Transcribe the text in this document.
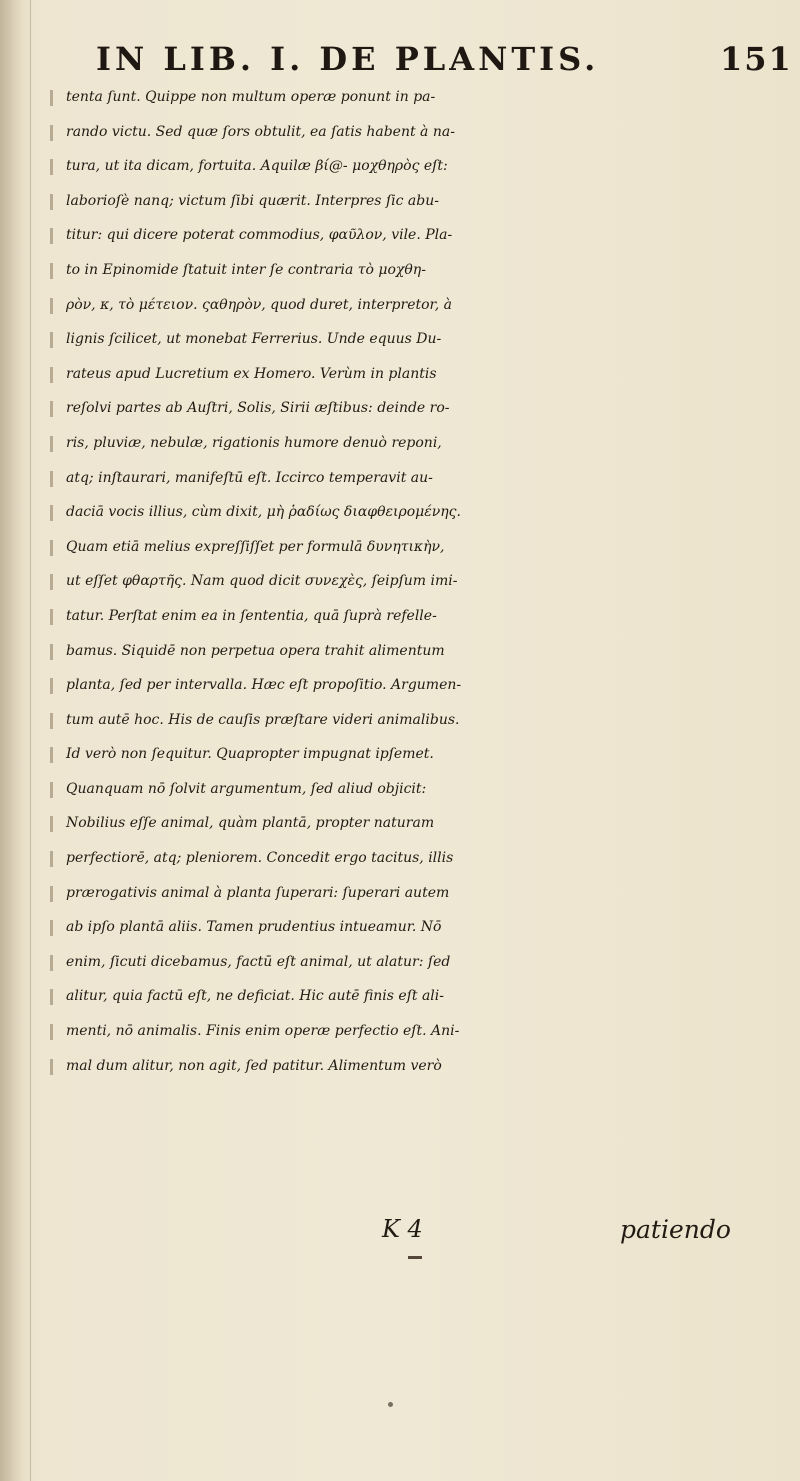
IN LIB. I. DE PLANTIS.	151
tenta ſunt. Quippe non multum operæ ponunt in pa-
rando victu. Sed quæ ſors obtulit, ea ſatis habent à na-
tura, ut ita dicam, fortuita. Aquilæ βί@- μοχθηρὸς eſt:
laborioſè nanq; victum ſibi quærit. Interpres ſic abu-
titur: qui dicere poterat commodius, φαῦλον, vile. Pla-
to in Epinomide ſtatuit inter ſe contraria τὸ μοχθη-
ρὸν, κ, τὸ μέτειον. ςαθηρὸν, quod duret, interpretor, à
lignis ſcilicet, ut monebat Ferrerius. Unde equus Du-
rateus apud Lucretium ex Homero. Verùm in plantis
reſolvi partes ab Auſtri, Solis, Sirii æſtibus: deinde ro-
ris, pluviæ, nebulæ, rigationis humore denuò reponi,
atq; inſtaurari, manifeſtū eſt. Iccirco temperavit au-
daciā vocis illius, cùm dixit, μὴ ῥαδίως διαφθειρομένης.
Quam etiā melius expreſſiſſet per formulā δυνητικὴν,
ut eſſet φθαρτῆς. Nam quod dicit συνεχὲς, ſeipſum imi-
tatur. Perſtat enim ea in ſententia, quā ſuprà refelle-
bamus. Siquidē non perpetua opera trahit alimentum
planta, ſed per intervalla. Hæc eſt propoſitio. Argumen-
tum autē hoc. His de cauſis præſtare videri animalibus.
Id verò non ſequitur. Quapropter impugnat ipſemet.
Quanquam nō ſolvit argumentum, ſed aliud objicit:
Nobilius eſſe animal, quàm plantā, propter naturam
perfectiorē, atq; pleniorem. Concedit ergo tacitus, illis
prærogativis animal à planta ſuperari: ſuperari autem
ab ipſo plantā aliis. Tamen prudentius intueamur. Nō
enim, ſicuti dicebamus, factū eſt animal, ut alatur: ſed
alitur, quia factū eſt, ne deficiat. Hic autē finis eſt ali-
menti, nō animalis. Finis enim operæ perfectio eſt. Ani-
mal dum alitur, non agit, ſed patitur. Alimentum verò
K 4	patiendo
